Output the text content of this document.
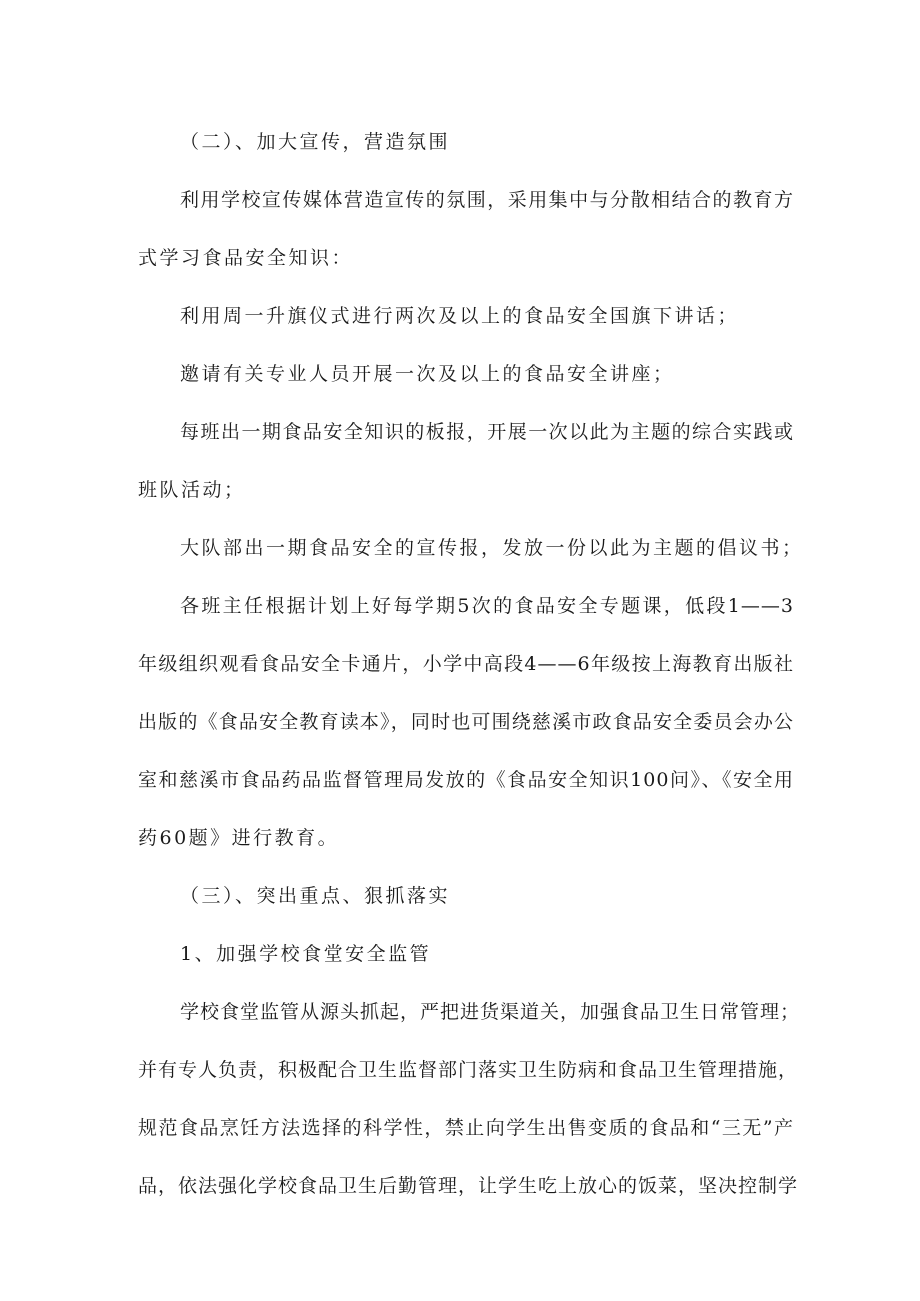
（二）、加大宣传，营造氛围
利用学校宣传媒体营造宣传的氛围，采用集中与分散相结合的教育方
式学习食品安全知识：
利用周一升旗仪式进行两次及以上的食品安全国旗下讲话；
邀请有关专业人员开展一次及以上的食品安全讲座；
每班出一期食品安全知识的板报，开展一次以此为主题的综合实践或
班队活动；
大队部出一期食品安全的宣传报，发放一份以此为主题的倡议书；
各班主任根据计划上好每学期5次的食品安全专题课，低段1——3
年级组织观看食品安全卡通片，小学中高段4——6年级按上海教育出版社
出版的《食品安全教育读本》，同时也可围绕慈溪市政食品安全委员会办公
室和慈溪市食品药品监督管理局发放的《食品安全知识100问》、《安全用
药60题》进行教育。
（三）、突出重点、狠抓落实
1、加强学校食堂安全监管
学校食堂监管从源头抓起，严把进货渠道关，加强食品卫生日常管理；
并有专人负责，积极配合卫生监督部门落实卫生防病和食品卫生管理措施，
规范食品烹饪方法选择的科学性，禁止向学生出售变质的食品和“三无”产
品，依法强化学校食品卫生后勤管理，让学生吃上放心的饭菜，坚决控制学
